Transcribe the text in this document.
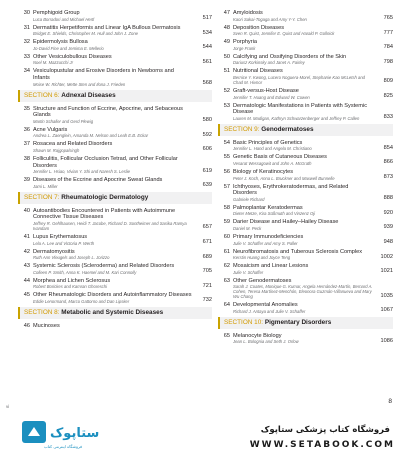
30 Pemphigoid Group
Luca Borradori and Michael Hertl	517
31 Dermatitis Herpetiformis and Linear IgA Bullous Dermatosis
Bridget E. Shields, Christopher M. Hull and John J. Zone	534
32 Epidermolysis Bullosa
Jo-David Fine and Jemima E. Mellerio	544
33 Other Vesiculobullous Diseases
Noel M. Mazzucchi Jr	561
34 Vesiculopustular and Erosive Disorders in Newborns and Infants
Moise W. Richter, Mette Sten and Ilona J. Frieden	568
SECTION 6: Adnexal Diseases
35 Structure and Function of Eccrine, Apocrine, and Sebaceous Glands
Martin Schaller and Gerd Plewig	580
36 Acne Vulgaris
Andrea L. Zaenglein, Amanda M. Nelson and Leah E.B. Eckar	592
37 Rosacea and Related Disorders
Shawn M. Rajgopalsingh	606
38 Folliculitis, Follicular Occlusion Tetrad, and Other Follicular Disorders
Jennifer L. Hsiao, Vivian Y. Shi and Naresh S. Leslie	619
39 Diseases of the Eccrine and Apocrine Sweat Glands
Jami L. Miller	639
SECTION 7: Rheumatologic Dermatology
40 Autoantibodies Encountered in Patients with Autoimmune Connective Tissue Diseases
Jeffrey R. Gehlhausen, Heidi T. Jacobe, Richard D. Sontheimer and Sasika Ramya Ivandam	657
41 Lupus Erythematosus
Lela A. Lee and Victoria P. Werth	671
42 Dermatomyositis
Ruth Ann Vleugels and Joseph L. Jorizzo	689
43 Systemic Sclerosis (Scleroderma) and Related Disorders
Colleen P. Smith, Anna K. Haemel and M. Kari Connolly	705
44 Morphea and Lichen Sclerosus
Robert Borickes and Kamran Ghoreschi	721
45 Other Rheumatologic Disorders and Autoinflammatory Diseases
Eddie Lenormand, Marco Gattorno and Dan Lipsker	732
SECTION 8: Metabolic and Systemic Diseases
46 Mucinoses
47 Amyloidosis
Kaori Sakai-Togaga and Amy Y-Y. Chen	765
48 Deposition Diseases
Sven R. Quist, Jennifer E. Quist and Harald P. Gollnick	777
49 Porphyria
Jorge Frank	784
50 Calcifying and Ossifying Disorders of the Skin
Dariusz Korkinsky and Janet A. Fairley	798
51 Nutritional Diseases
Bernice Y. Kwong, Lucero Noguera-Morel, Stephanie Kao McLetsh and Chad M. Hivnor	809
52 Graft-versus-Host Disease
Jennifer T. Huang and Edward W. Cowen	825
53 Dermatologic Manifestations in Patients with Systemic Disease
Lauren M. Madigan, Kathryn Schwarzenberger and Jeffrey P. Callen	833
SECTION 9: Genodermatoses
54 Basic Principles of Genetics
Jennifer L. Hand and Angela M. Christiano	854
55 Genetic Basis of Cutaneous Diseases
Vesarat Wessagowit and John A. McGrath	866
56 Biology of Keratinocytes
Peter J. Koch, Anna L. Bruckner and Maxwell Bunnelle	873
57 Ichthyoses, Erythrokeratodermas, and Related Disorders
Gabriele Richard	888
58 Palmoplantar Keratodermas
Dieter Metze, Kira Süßmuth and Vinzenz Oji	920
59 Darier Disease and Hailey–Hailey Disease
Daniel M. Peck	939
60 Primary Immunodeficiencies
Julie V. Schaffer and Amy S. Paller	948
61 Neurofibromatosis and Tuberous Sclerosis Complex
Kerstin Huang and Joyce Teng	1002
62 Mosaicism and Linear Lesions
Julie V. Schaffer	1021
63 Other Genodermatoses
Sarah J. Coates, Monique G. Kumar, Angela Hernández-Martín, Bernard A. Cohen, Teresa Martínez-Menchón, Eleonora Guzmán-Villanueva and Mary Wu Chang	1035
64 Developmental Anomalies
Richard J. Antaya and Julie V. Schaffer	1067
SECTION 10: Pigmentary Disorders
65 Melanocyte Biology
Jean L. Bolognia and Seth J. Orlow	1086
vi
8
ستاپوک
فروشگاه اینترنتی کتاب
فروشگاه کتاب پزشکی ستاپوک
WWW.SETABOOK.COM
